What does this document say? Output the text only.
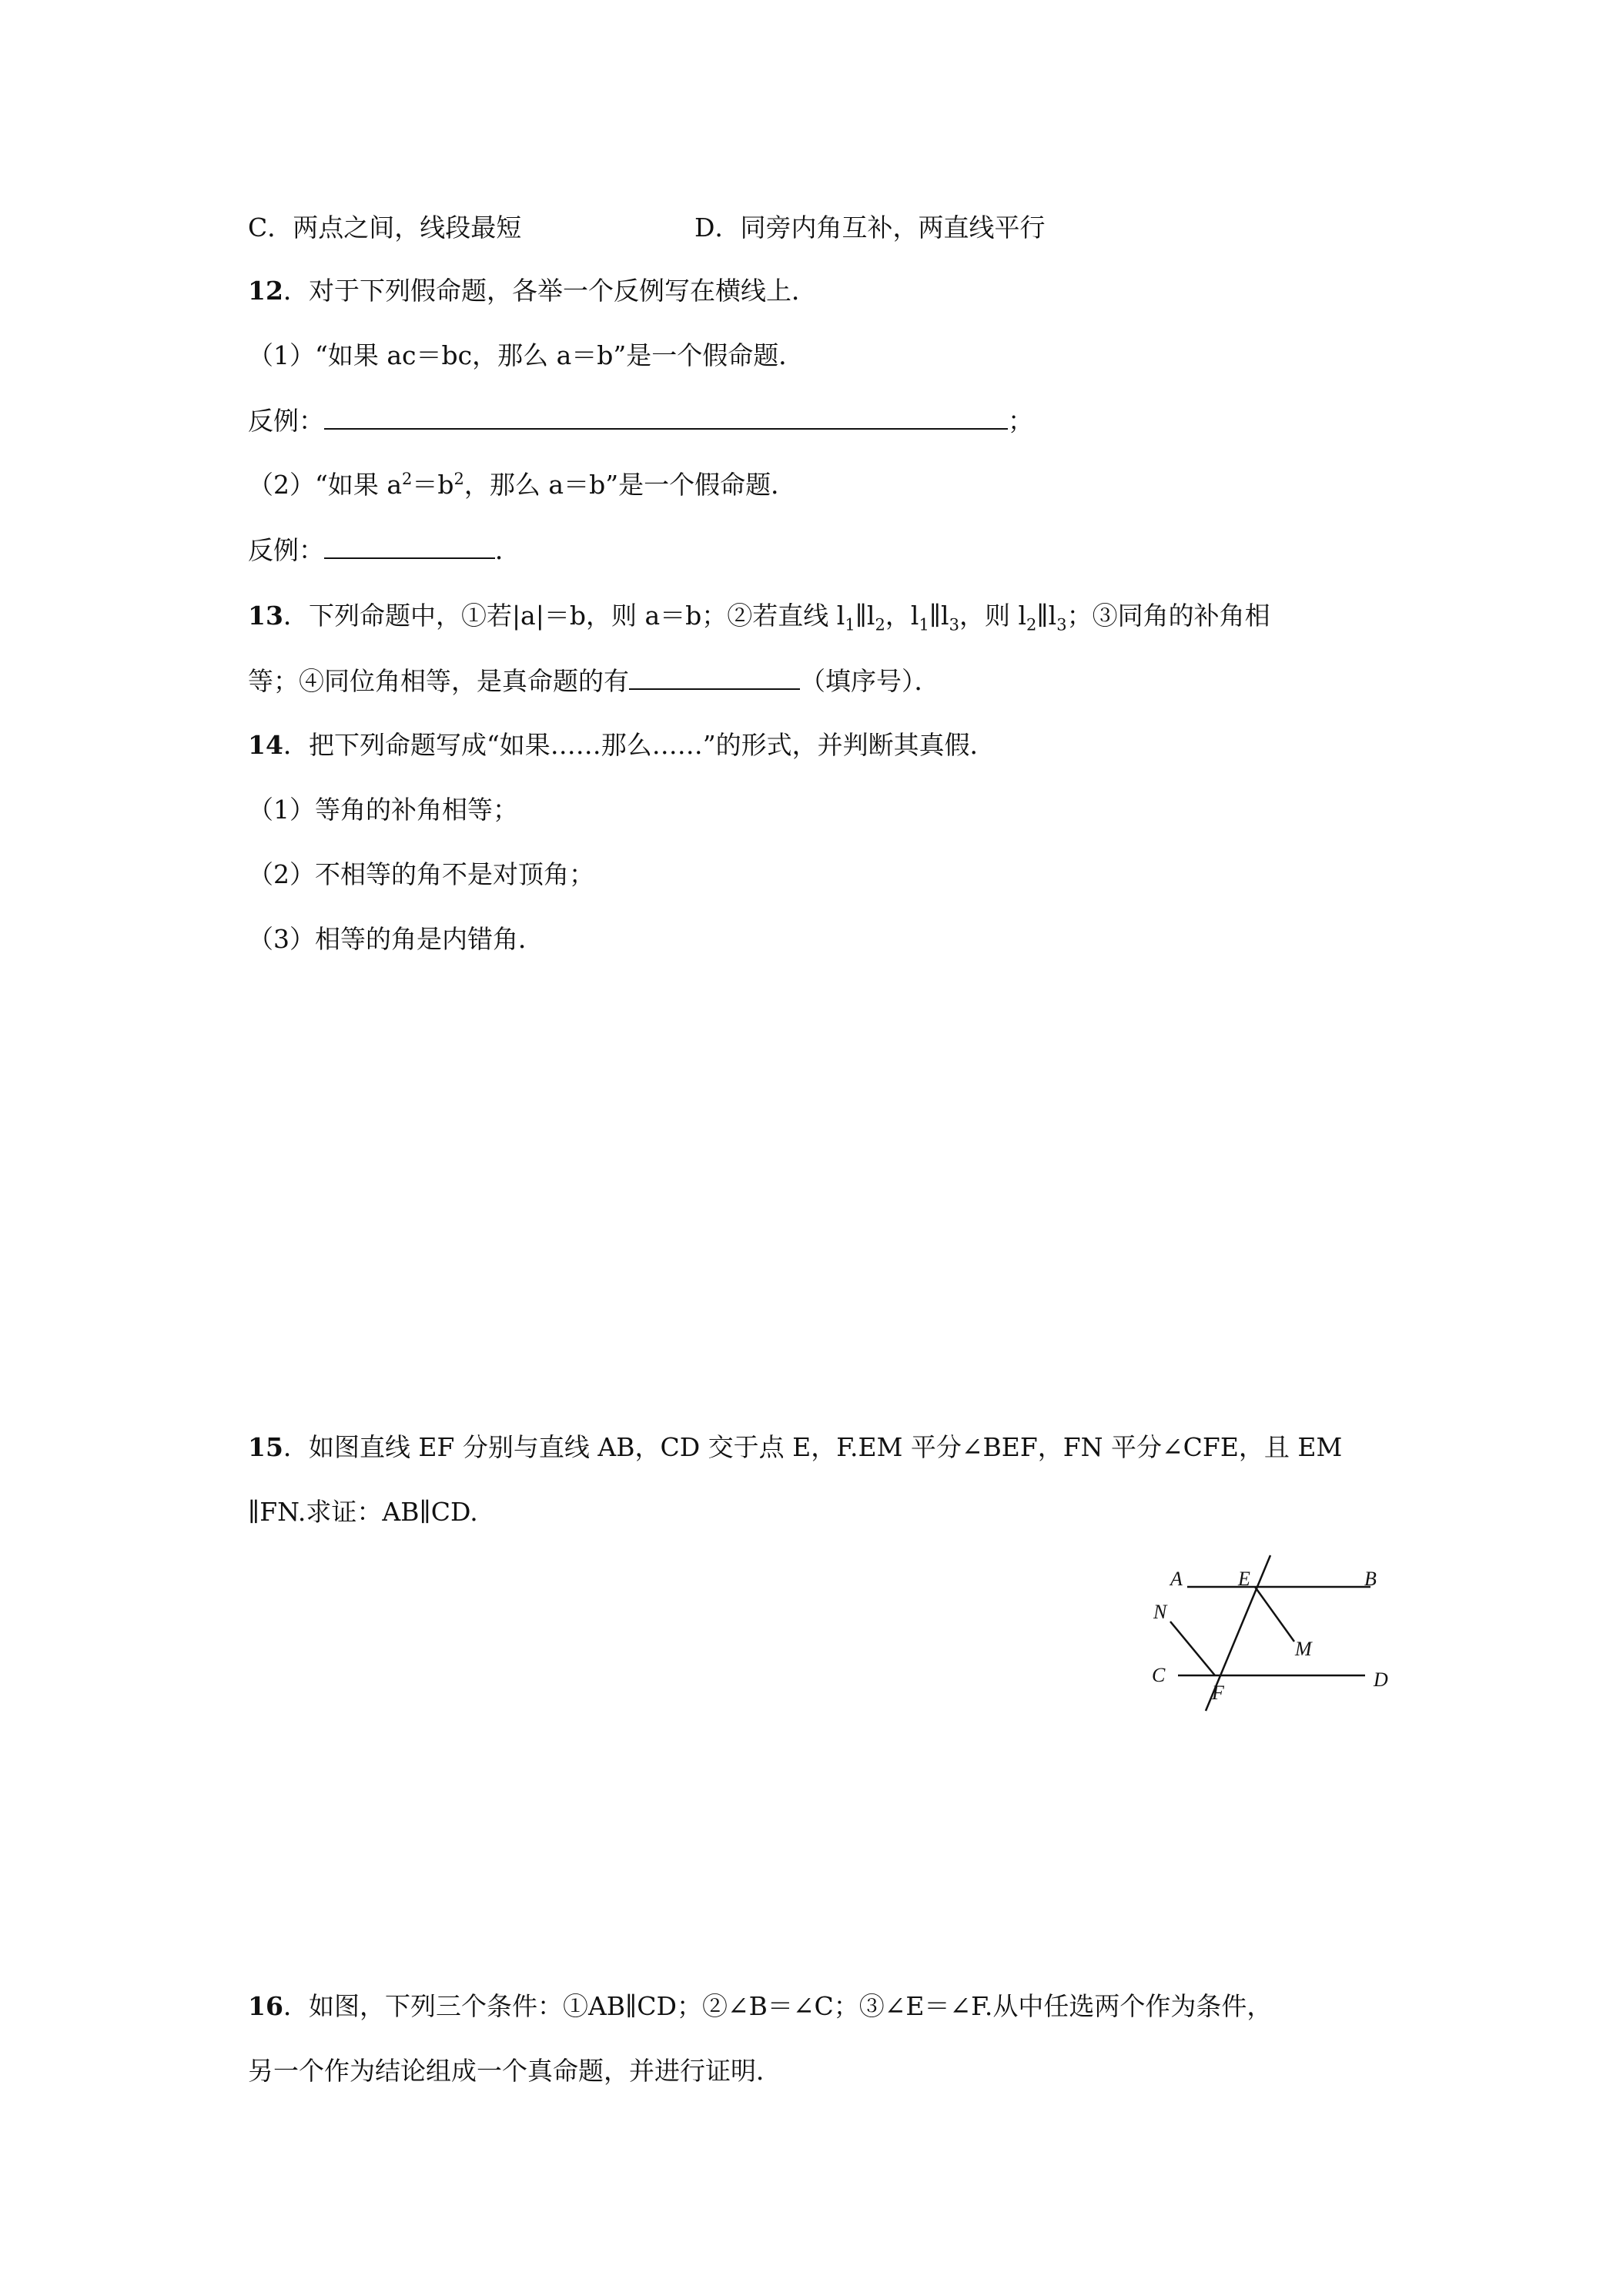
C．两点之间，线段最短	D．同旁内角互补，两直线平行
12．对于下列假命题，各举一个反例写在横线上．
（1）“如果 ac＝bc，那么 a＝b”是一个假命题．
反例：	；
（2）“如果 $a^2=b^2$，那么 a＝b”是一个假命题．
反例：	．
13．下列命题中，①若|a|＝b，则 a＝b；②若直线 $l_1\parallel l_2$，$l_1\parallel l_3$，则 $l_2\parallel l_3$；③同角的补角相
等；④同位角相等，是真命题的有	（填序号）．
14．把下列命题写成“如果……那么……”的形式，并判断其真假．
（1）等角的补角相等；
（2）不相等的角不是对顶角；
（3）相等的角是内错角．
15．如图直线 EF 分别与直线 AB，CD 交于点 E，F.EM 平分∠BEF，FN 平分∠CFE，且 EM
∥FN.求证：AB∥CD.
A	E	B
N
M
C
F
D
16．如图，下列三个条件：①AB∥CD；②∠B＝∠C；③∠E＝∠F.从中任选两个作为条件，
另一个作为结论组成一个真命题，并进行证明．
